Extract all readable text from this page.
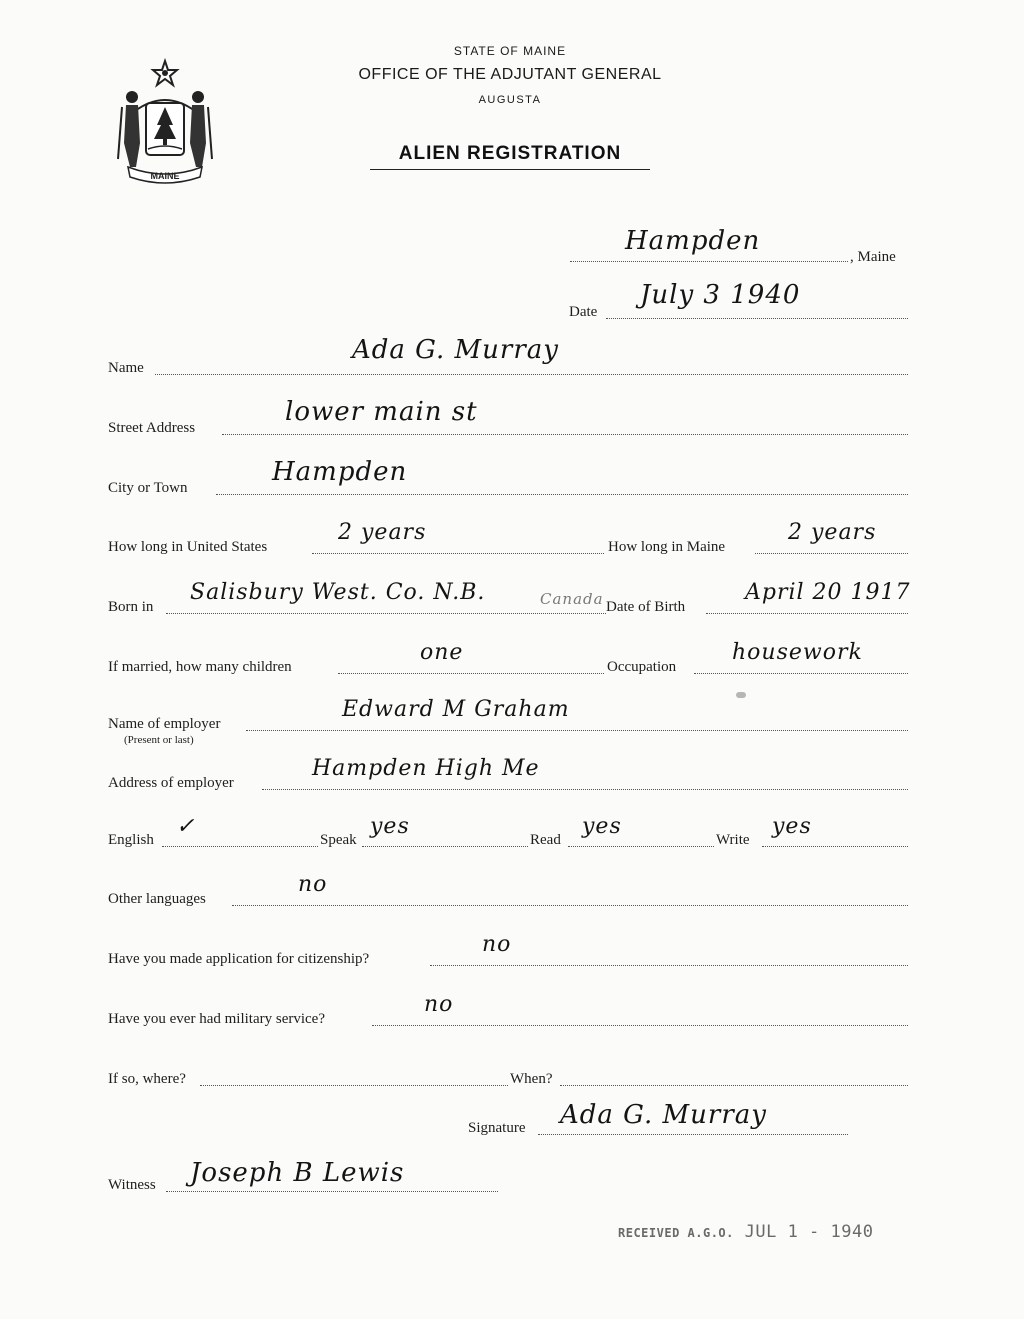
MAINE
STATE OF MAINE
OFFICE OF THE ADJUTANT GENERAL
AUGUSTA
ALIEN REGISTRATION
Hampden
, Maine
Date
July 3 1940
Name
Ada G. Murray
Street Address
lower main st
City or Town
Hampden
How long in United States
2 years
How long in Maine
2 years
Born in
Salisbury West. Co. N.B.	Canada Date of Birth
April 20 1917
If married, how many children
one
Occupation
housework
Name of employer
(Present or last)
Edward M Graham
Address of employer
Hampden High Me
English
✓
Speak
yes
Read
yes
Write
yes
Other languages
no
Have you made application for citizenship?
no
Have you ever had military service?
no
If so, where?	When?
Signature Ada G. Murray
Witness Joseph B Lewis
RECEIVED A.G.O. JUL 1 - 1940
